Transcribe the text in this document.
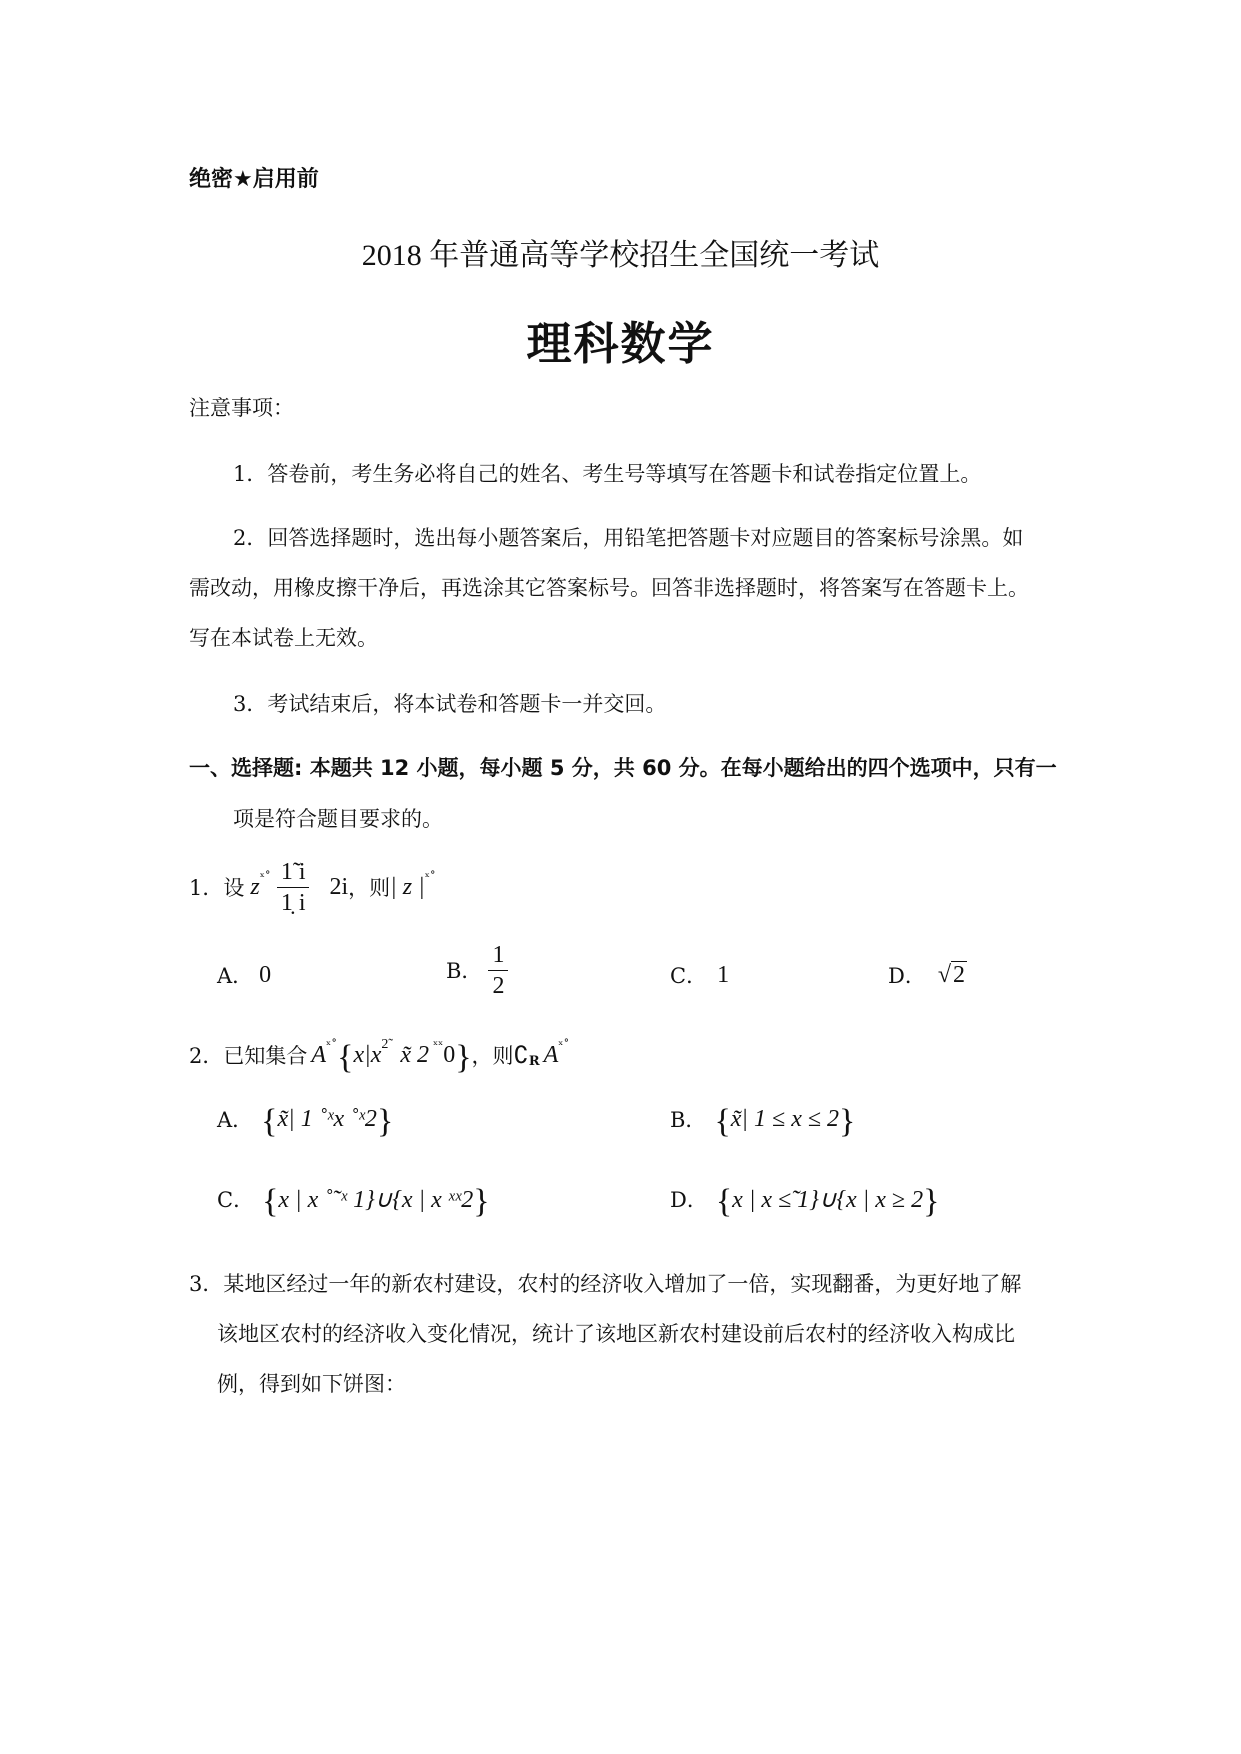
绝密★启用前
2018 年普通高等学校招生全国统一考试
理科数学
注意事项：
1．答卷前，考生务必将自己的姓名、考生号等填写在答题卡和试卷指定位置上。
2．回答选择题时，选出每小题答案后，用铅笔把答题卡对应题目的答案标号涂黑。如
需改动，用橡皮擦干净后，再选涂其它答案标号。回答非选择题时，将答案写在答题卡上。
写在本试卷上无效。
3．考试结束后，将本试卷和答题卡一并交回。
一、选择题: 本题共 12 小题，每小题 5 分，共 60 分。在每小题给出的四个选项中，只有一
项是符合题目要求的。
1．设 z ˣ˚ $\frac{1̃ i}{1̣ i} 2i$ ，则 | z | ˣ˚
A． 0	B． $\frac{1}{2}$	C． 1	D． √2
2．已知集合 A ˣ˚ { x|x 2̃ x̃ 2 ˣˣ 0 } ，则 ∁ R A ˣ˚
A． { x̃| 1 ˚ˣx ˚ˣ2 }	B． { x̃| 1 ≤ x ≤ 2 }
C． { x | x ˚˜ˣ 1}∪{x | x ˣˣ2 }	D． { x | x ≤̃ 1}∪{x | x ≥ 2 }
3．某地区经过一年的新农村建设，农村的经济收入增加了一倍，实现翻番，为更好地了解
该地区农村的经济收入变化情况，统计了该地区新农村建设前后农村的经济收入构成比
例，得到如下饼图：
